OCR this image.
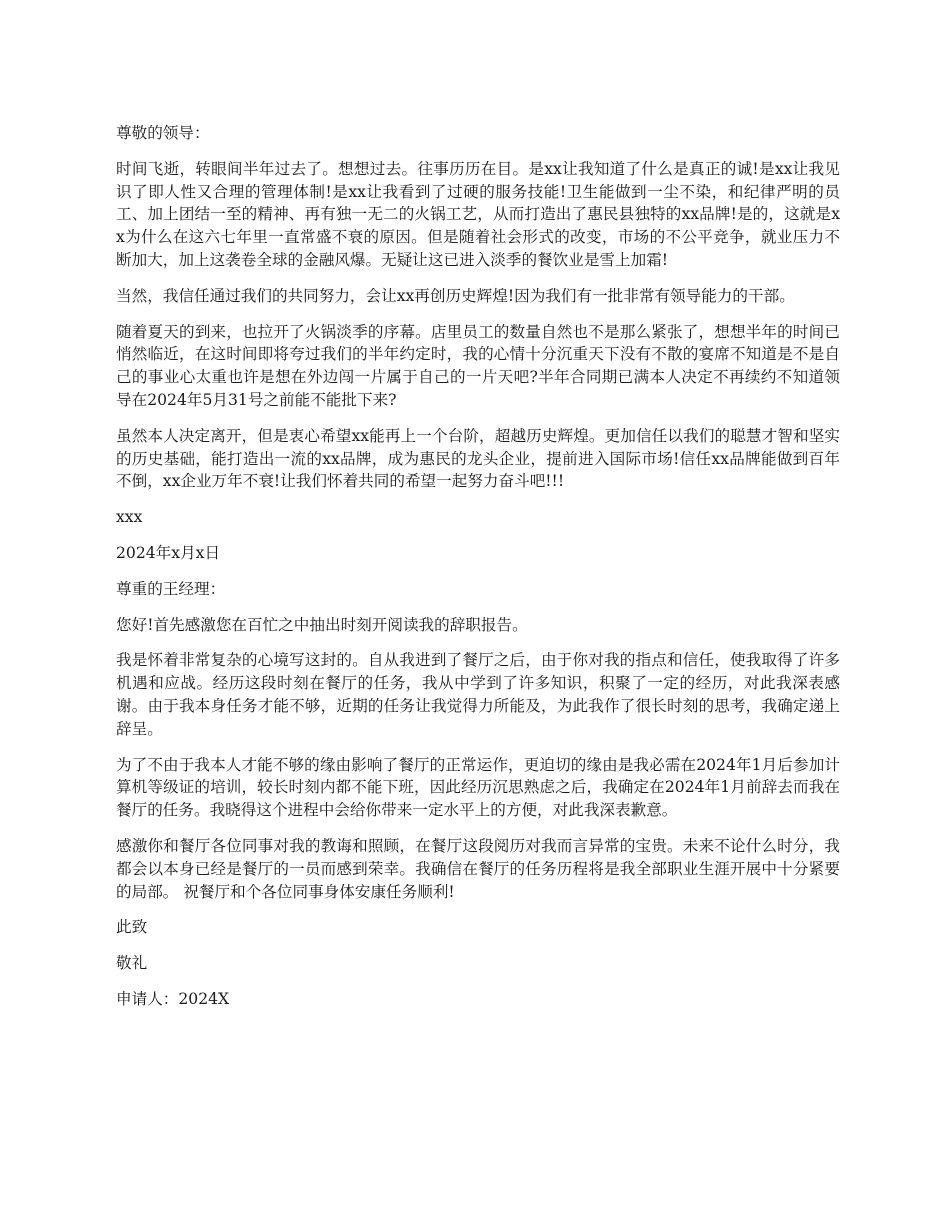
尊敬的领导：

时间飞逝，转眼间半年过去了。想想过去。往事历历在目。是xx让我知道了什么是真正的诚!是xx让我见识了即人性又合理的管理体制!是xx让我看到了过硬的服务技能!卫生能做到一尘不染，和纪律严明的员工、加上团结一至的精神、再有独一无二的火锅工艺，从而打造出了惠民县独特的xx品牌!是的，这就是xx为什么在这六七年里一直常盛不衰的原因。但是随着社会形式的改变，市场的不公平竞争，就业压力不断加大，加上这袭卷全球的金融风爆。无疑让这已进入淡季的餐饮业是雪上加霜!

当然，我信任通过我们的共同努力，会让xx再创历史辉煌!因为我们有一批非常有领导能力的干部。

随着夏天的到来，也拉开了火锅淡季的序幕。店里员工的数量自然也不是那么紧张了，想想半年的时间已悄然临近，在这时间即将夸过我们的半年约定时，我的心情十分沉重天下没有不散的宴席不知道是不是自己的事业心太重也许是想在外边闯一片属于自己的一片天吧?半年合同期已满本人决定不再续约不知道领导在2024年5月31号之前能不能批下来?

虽然本人决定离开，但是衷心希望xx能再上一个台阶，超越历史辉煌。更加信任以我们的聪慧才智和坚实的历史基础，能打造出一流的xx品牌，成为惠民的龙头企业，提前进入国际市场!信任xx品牌能做到百年不倒，xx企业万年不衰!让我们怀着共同的希望一起努力奋斗吧!!!

xxx

2024年x月x日

尊重的王经理：

您好!首先感激您在百忙之中抽出时刻开阅读我的辞职报告。

我是怀着非常复杂的心境写这封的。自从我进到了餐厅之后，由于你对我的指点和信任，使我取得了许多机遇和应战。经历这段时刻在餐厅的任务，我从中学到了许多知识，积聚了一定的经历，对此我深表感谢。由于我本身任务才能不够，近期的任务让我觉得力所能及，为此我作了很长时刻的思考，我确定递上辞呈。

为了不由于我本人才能不够的缘由影响了餐厅的正常运作，更迫切的缘由是我必需在2024年1月后参加计算机等级证的培训，较长时刻内都不能下班，因此经历沉思熟虑之后，我确定在2024年1月前辞去而我在餐厅的任务。我晓得这个进程中会给你带来一定水平上的方便，对此我深表歉意。

感激你和餐厅各位同事对我的教诲和照顾，在餐厅这段阅历对我而言异常的宝贵。未来不论什么时分，我都会以本身已经是餐厅的一员而感到荣幸。我确信在餐厅的任务历程将是我全部职业生涯开展中十分紧要的局部。 祝餐厅和个各位同事身体安康任务顺利!

此致

敬礼

申请人：2024X
